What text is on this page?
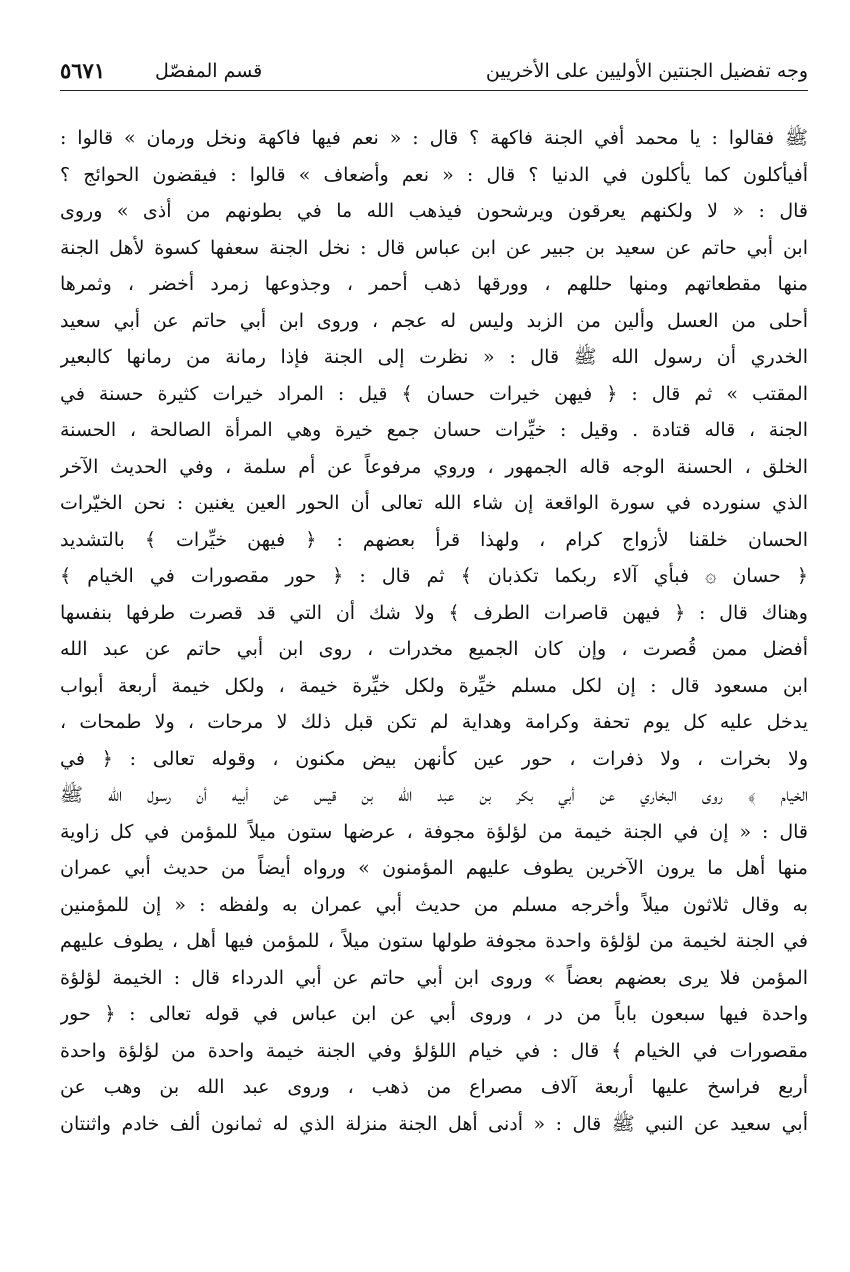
وجه تفضيل الجنتين الأوليين على الأخريين
قسم المفصّل
٥٦٧١
ﷺ فقالوا : يا محمد أفي الجنة فاكهة ؟ قال : « نعم فيها فاكهة ونخل ورمان » قالوا :
أفيأكلون كما يأكلون في الدنيا ؟ قال : « نعم وأضعاف » قالوا : فيقضون الحوائج ؟
قال : « لا ولكنهم يعرقون ويرشحون فيذهب الله ما في بطونهم من أذى » وروى
ابن أبي حاتم عن سعيد بن جبير عن ابن عباس قال : نخل الجنة سعفها كسوة لأهل الجنة
منها مقطعاتهم ومنها حللهم ، وورقها ذهب أحمر ، وجذوعها زمرد أخضر ، وثمرها
أحلى من العسل وألين من الزبد وليس له عجم ، وروى ابن أبي حاتم عن أبي سعيد
الخدري أن رسول الله ﷺ قال : « نظرت إلى الجنة فإذا رمانة من رمانها كالبعير
المقتب » ثم قال : ﴿ فيهن خيرات حسان ﴾ قيل : المراد خيرات كثيرة حسنة في
الجنة ، قاله قتادة . وقيل : خيِّرات حسان جمع خيرة وهي المرأة الصالحة ، الحسنة
الخلق ، الحسنة الوجه قاله الجمهور ، وروي مرفوعاً عن أم سلمة ، وفي الحديث الآخر
الذي سنورده في سورة الواقعة إن شاء الله تعالى أن الحور العين يغنين : نحن الخيّرات
الحسان خلقنا لأزواج كرام ، ولهذا قرأ بعضهم : ﴿ فيهن خيِّرات ﴾ بالتشديد
﴿ حسان ۞ فبأي آلاء ربكما تكذبان ﴾ ثم قال : ﴿ حور مقصورات في الخيام ﴾
وهناك قال : ﴿ فيهن قاصرات الطرف ﴾ ولا شك أن التي قد قصرت طرفها بنفسها
أفضل ممن قُصرت ، وإن كان الجميع مخدرات ، روى ابن أبي حاتم عن عبد الله
ابن مسعود قال : إن لكل مسلم خيِّرة ولكل خيِّرة خيمة ، ولكل خيمة أربعة أبواب
يدخل عليه كل يوم تحفة وكرامة وهداية لم تكن قبل ذلك لا مرحات ، ولا طمحات ،
ولا بخرات ، ولا ذفرات ، حور عين كأنهن بيض مكنون ، وقوله تعالى : ﴿ في
الخيام ﴾ روى البخاري عن أبي بكر بن عبد الله بن قيس عن أبيه أن رسول الله ﷺ
قال : « إن في الجنة خيمة من لؤلؤة مجوفة ، عرضها ستون ميلاً للمؤمن في كل زاوية
منها أهل ما يرون الآخرين يطوف عليهم المؤمنون » ورواه أيضاً من حديث أبي عمران
به وقال ثلاثون ميلاً وأخرجه مسلم من حديث أبي عمران به ولفظه : « إن للمؤمنين
في الجنة لخيمة من لؤلؤة واحدة مجوفة طولها ستون ميلاً ، للمؤمن فيها أهل ، يطوف عليهم
المؤمن فلا يرى بعضهم بعضاً » وروى ابن أبي حاتم عن أبي الدرداء قال : الخيمة لؤلؤة
واحدة فيها سبعون باباً من در ، وروى أبي عن ابن عباس في قوله تعالى : ﴿ حور
مقصورات في الخيام ﴾ قال : في خيام اللؤلؤ وفي الجنة خيمة واحدة من لؤلؤة واحدة
أربع فراسخ عليها أربعة آلاف مصراع من ذهب ، وروى عبد الله بن وهب عن
أبي سعيد عن النبي ﷺ قال : « أدنى أهل الجنة منزلة الذي له ثمانون ألف خادم واثنتان
